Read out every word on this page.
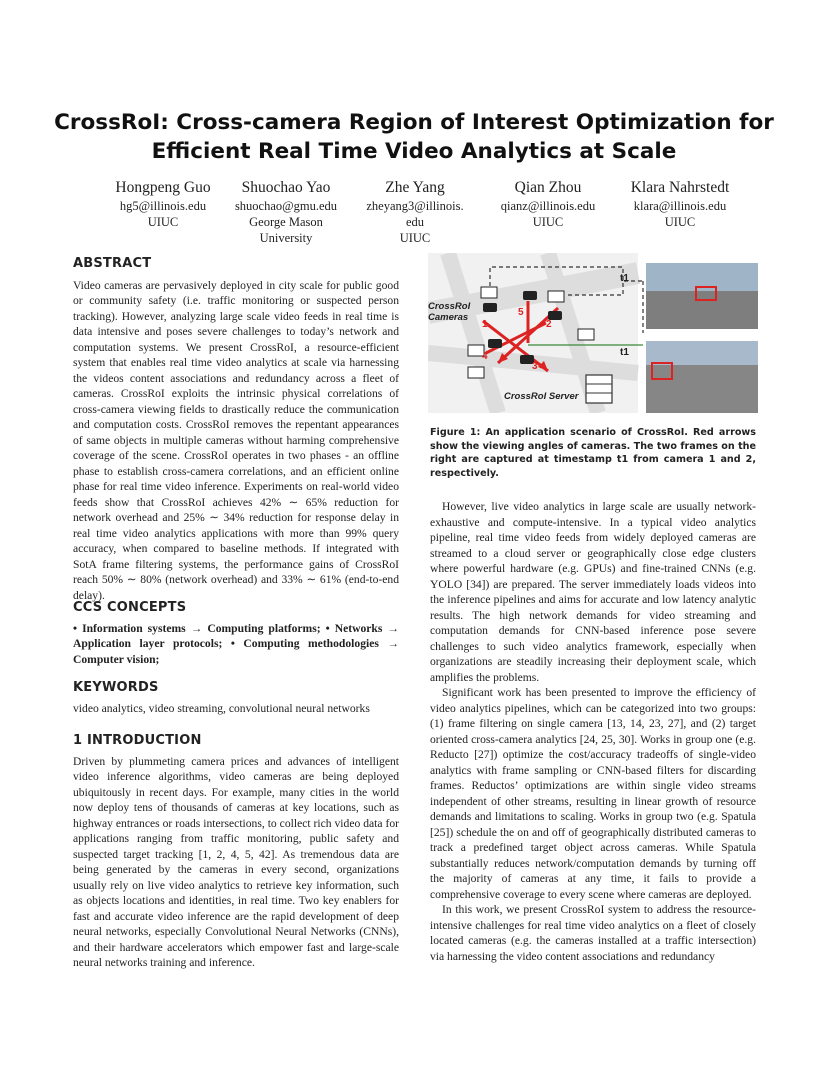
CrossRoI: Cross-camera Region of Interest Optimization for
Efficient Real Time Video Analytics at Scale
Hongpeng Guo
hg5@illinois.edu
UIUC
Shuochao Yao
shuochao@gmu.edu
George Mason University
Zhe Yang
zheyang3@illinois. edu
UIUC
Qian Zhou
qianz@illinois.edu
UIUC
Klara Nahrstedt
klara@illinois.edu
UIUC
ABSTRACT

Video cameras are pervasively deployed in city scale for public good or community safety (i.e. traffic monitoring or suspected person tracking). However, analyzing large scale video feeds in real time is data intensive and poses severe challenges to today’s network and computation systems. We present CrossRoI, a resource-efficient system that enables real time video analytics at scale via harnessing the videos content associations and redundancy across a fleet of cameras. CrossRoI exploits the intrinsic physical correlations of cross-camera viewing fields to drastically reduce the communication and computation costs. CrossRoI removes the repentant appearances of same objects in multiple cameras without harming comprehensive coverage of the scene. CrossRoI operates in two phases - an offline phase to establish cross-camera correlations, and an efficient online phase for real time video inference. Experiments on real-world video feeds show that CrossRoI achieves 42% ∼ 65% reduction for network overhead and 25% ∼ 34% reduction for response delay in real time video analytics applications with more than 99% query accuracy, when compared to baseline methods. If integrated with SotA frame filtering systems, the performance gains of CrossRoI reach 50% ∼ 80% (network overhead) and 33% ∼ 61% (end-to-end delay).

CCS CONCEPTS

• Information systems → Computing platforms; • Networks → Application layer protocols; • Computing methodologies → Computer vision;

KEYWORDS

video analytics, video streaming, convolutional neural networks

1 INTRODUCTION

Driven by plummeting camera prices and advances of intelligent video inference algorithms, video cameras are being deployed ubiquitously in recent days. For example, many cities in the world now deploy tens of thousands of cameras at key locations, such as highway entrances or roads intersections, to collect rich video data for applications ranging from traffic monitoring, public safety and suspected target tracking [1, 2, 4, 5, 42]. As tremendous data are being generated by the cameras in every second, organizations usually rely on live video analytics to retrieve key information, such as objects locations and identities, in real time. Two key enablers for fast and accurate video inference are the rapid development of deep neural networks, especially Convolutional Neural Networks (CNNs), and their hardware accelerators which empower fast and large-scale neural networks training and inference.

CrossRoI Cameras
CrossRoI Server
t1
t1
1	2
3
4
5
Figure 1: An application scenario of CrossRoI. Red arrows show the viewing angles of cameras. The two frames on the right are captured at timestamp t1 from camera 1 and 2, respectively.

However, live video analytics in large scale are usually network-exhaustive and compute-intensive. In a typical video analytics pipeline, real time video feeds from widely deployed cameras are streamed to a cloud server or geographically close edge clusters where powerful hardware (e.g. GPUs) and fine-trained CNNs (e.g. YOLO [34]) are prepared. The server immediately loads videos into the inference pipelines and aims for accurate and low latency analytic results. The high network demands for video streaming and computation demands for CNN-based inference pose severe challenges to such video analytics framework, especially when organizations are steadily increasing their deployment scale, which amplifies the problems.

Significant work has been presented to improve the efficiency of video analytics pipelines, which can be categorized into two groups: (1) frame filtering on single camera [13, 14, 23, 27], and (2) target oriented cross-camera analytics [24, 25, 30]. Works in group one (e.g. Reducto [27]) optimize the cost/accuracy tradeoffs of single-video analytics with frame sampling or CNN-based filters for discarding frames. Reductos’ optimizations are within single video streams independent of other streams, resulting in linear growth of resource demands and limitations to scaling. Works in group two (e.g. Spatula [25]) schedule the on and off of geographically distributed cameras to track a predefined target object across cameras. While Spatula substantially reduces network/computation demands by turning off the majority of cameras at any time, it fails to provide a comprehensive coverage to every scene where cameras are deployed.

In this work, we present CrossRoI system to address the resource-intensive challenges for real time video analytics on a fleet of closely located cameras (e.g. the cameras installed at a traffic intersection) via harnessing the video content associations and redundancy
